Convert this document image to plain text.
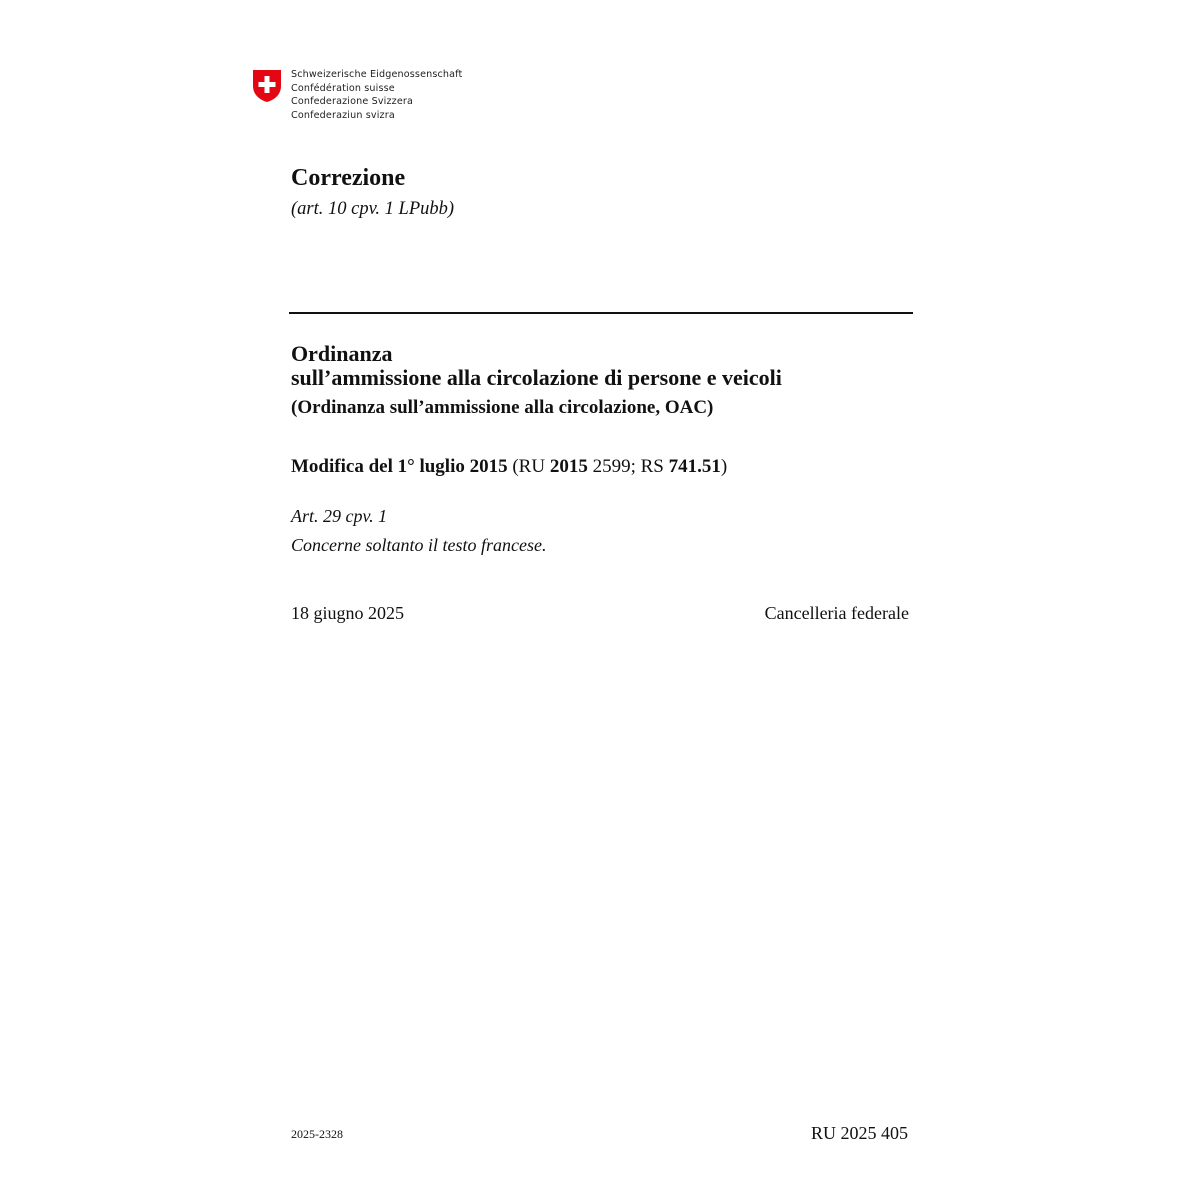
Schweizerische Eidgenossenschaft
Confédération suisse
Confederazione Svizzera
Confederaziun svizra
Correzione
(art. 10 cpv. 1 LPubb)
Ordinanza
sull’ammissione alla circolazione di persone e veicoli
(Ordinanza sull’ammissione alla circolazione, OAC)
Modifica del 1° luglio 2015 (RU 2015 2599; RS 741.51)
Art. 29 cpv. 1
Concerne soltanto il testo francese.
18 giugno 2025	Cancelleria federale
2025-2328	RU 2025 405
